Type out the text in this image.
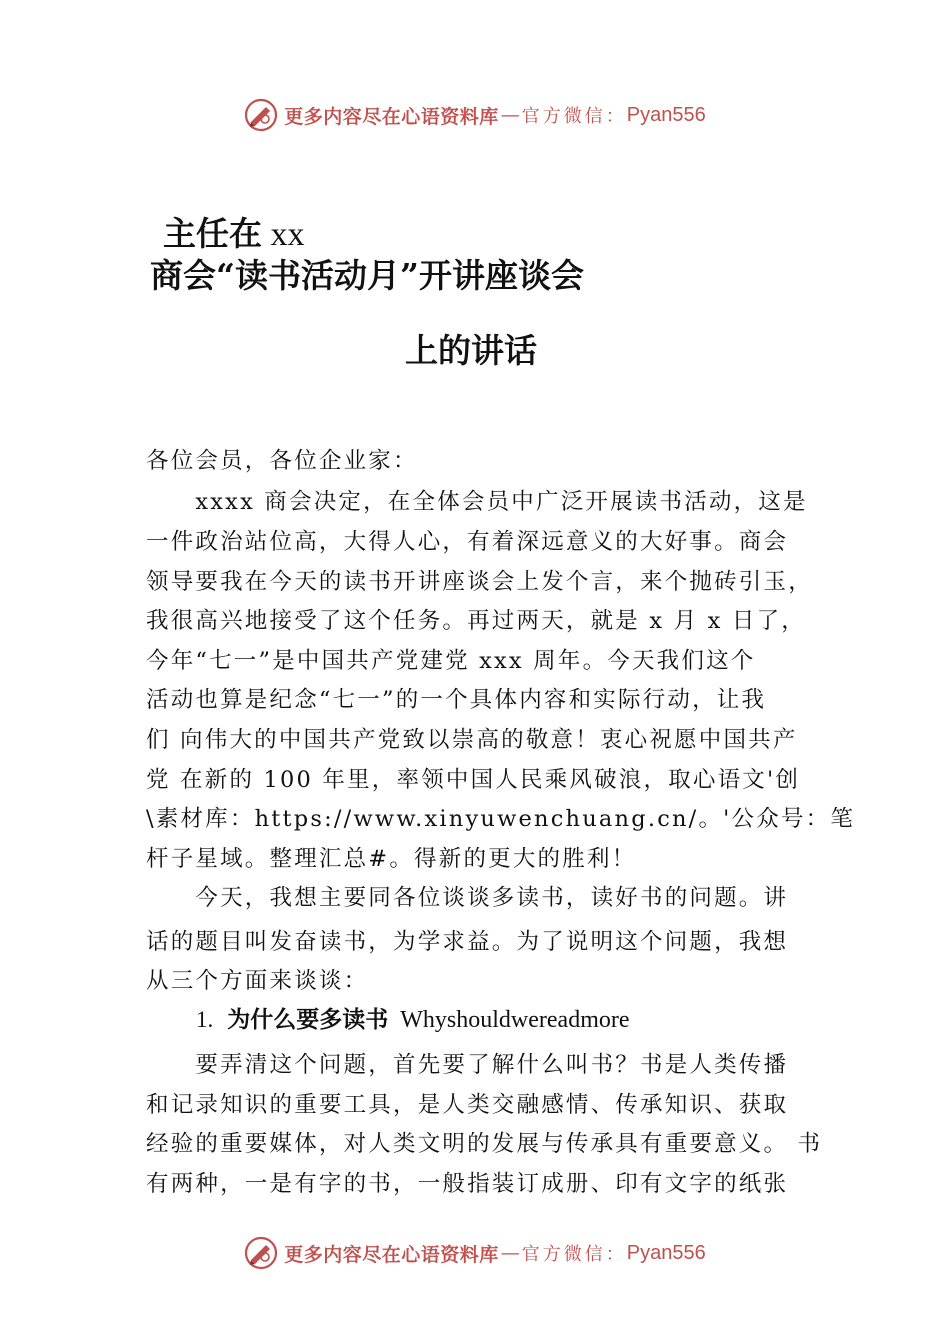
更多内容尽在心语资料库 — 官方微信： Pyan556
主任在 xx
商会“读书活动月”开讲座谈会
上的讲话
各位会员，各位企业家：
　　xxxx 商会决定，在全体会员中广泛开展读书活动，这是
一件政治站位高，大得人心，有着深远意义的大好事。商会
领导要我在今天的读书开讲座谈会上发个言，来个抛砖引玉，
我很高兴地接受了这个任务。再过两天，就是 x 月 x 日了，
今年“七一”是中国共产党建党 xxx 周年。今天我们这个
活动也算是纪念“七一”的一个具体内容和实际行动，让我
们 向伟大的中国共产党致以崇高的敬意！衷心祝愿中国共产
党 在新的 100 年里，率领中国人民乘风破浪，取心语文'创
\素材库：https://www.xinyuwenchuang.cn/。'公众号：笔
杆子星域。整理汇总#。得新的更大的胜利！
　　今天，我想主要同各位谈谈多读书，读好书的问题。讲
话的题目叫发奋读书，为学求益。为了说明这个问题，我想
从三个方面来谈谈：
1. 为什么要多读书 Whyshouldwereadmore
　　要弄清这个问题，首先要了解什么叫书？书是人类传播
和记录知识的重要工具，是人类交融感情、传承知识、获取
经验的重要媒体，对人类文明的发展与传承具有重要意义。 书
有两种，一是有字的书，一般指装订成册、印有文字的纸张
更多内容尽在心语资料库 — 官方微信： Pyan556
